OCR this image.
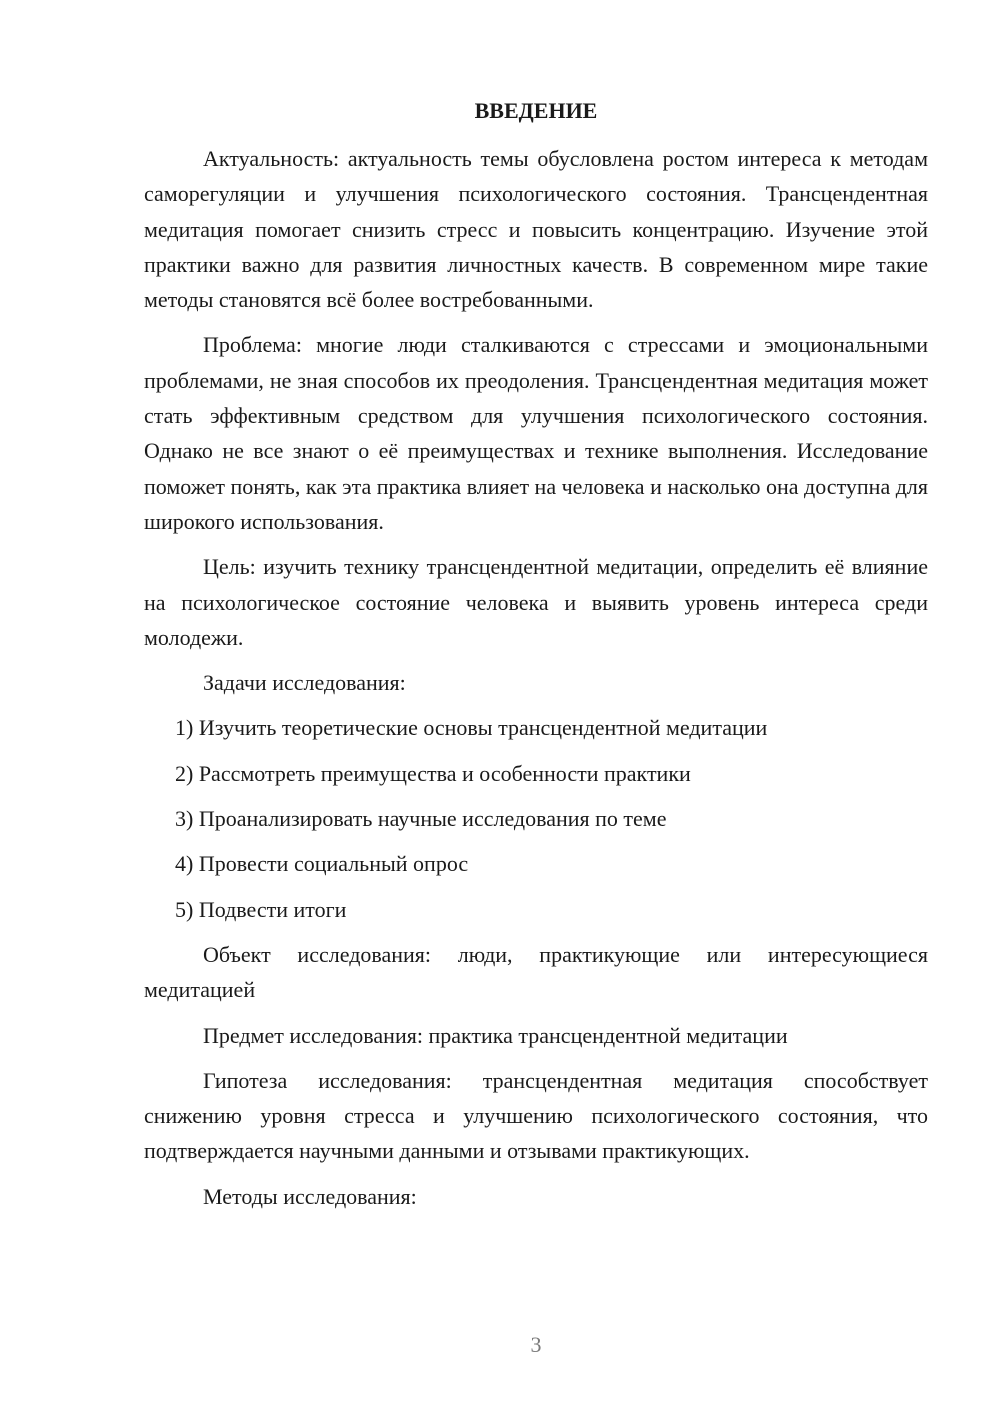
ВВЕДЕНИЕ

Актуальность: актуальность темы обусловлена ростом интереса к методам саморегуляции и улучшения психологического состояния. Трансцендентная медитация помогает снизить стресс и повысить концентрацию. Изучение этой практики важно для развития личностных качеств. В современном мире такие методы становятся всё более востребованными.

Проблема: многие люди сталкиваются с стрессами и эмоциональными проблемами, не зная способов их преодоления. Трансцендентная медитация может стать эффективным средством для улучшения психологического состояния. Однако не все знают о её преимуществах и технике выполнения. Исследование поможет понять, как эта практика влияет на человека и насколько она доступна для широкого использования.

Цель: изучить технику трансцендентной медитации, определить её влияние на психологическое состояние человека и выявить уровень интереса среди молодежи.

Задачи исследования:

1) Изучить теоретические основы трансцендентной медитации
2) Рассмотреть преимущества и особенности практики
3) Проанализировать научные исследования по теме
4) Провести социальный опрос
5) Подвести итоги

Объект исследования: люди, практикующие или интересующиеся медитацией

Предмет исследования: практика трансцендентной медитации

Гипотеза исследования: трансцендентная медитация способствует снижению уровня стресса и улучшению психологического состояния, что подтверждается научными данными и отзывами практикующих.

Методы исследования:

3
